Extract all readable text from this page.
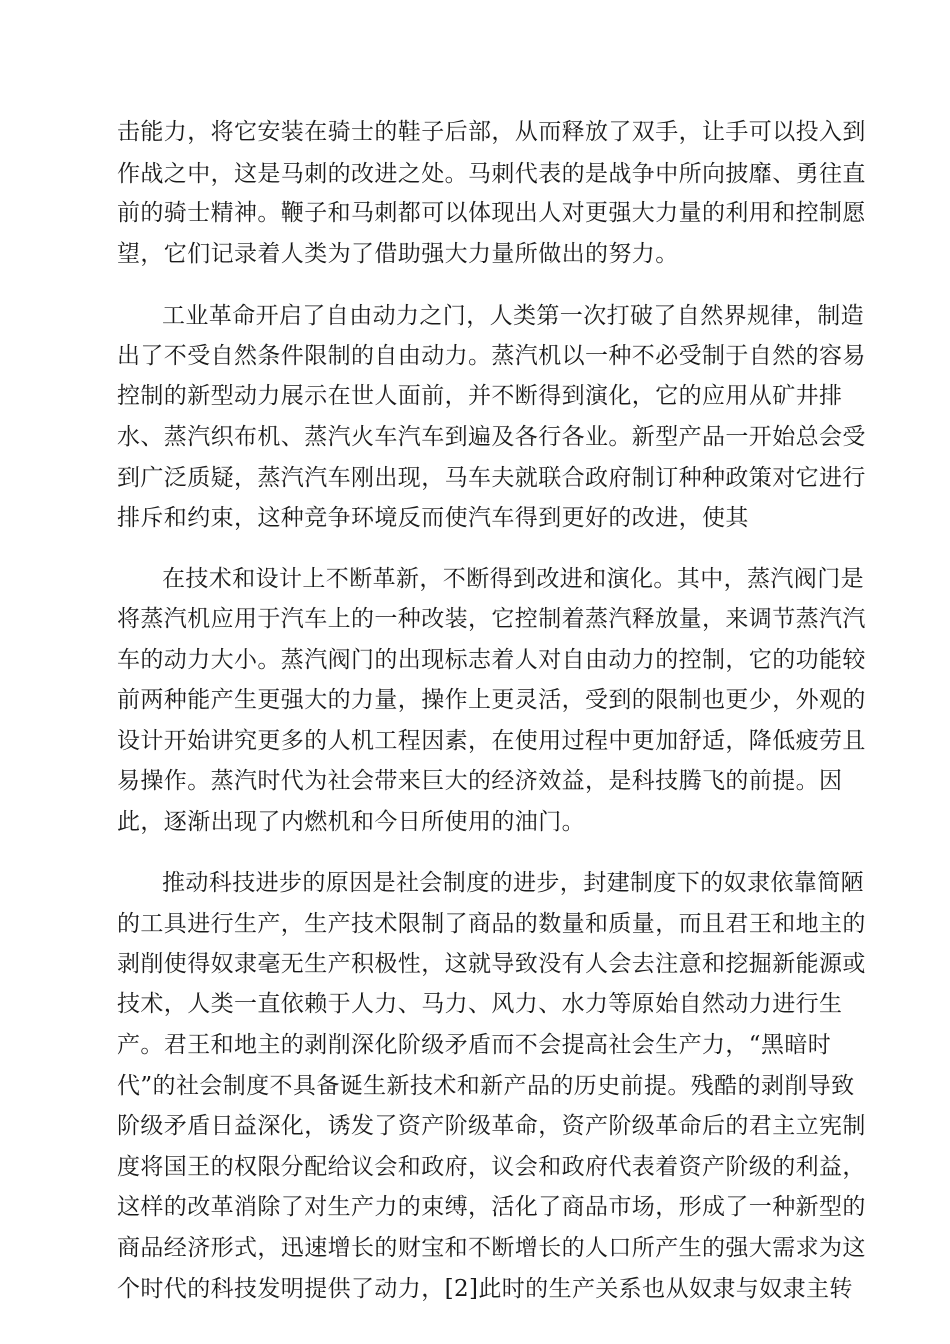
击能力，将它安装在骑士的鞋子后部，从而释放了双手，让手可以投入到
作战之中，这是马刺的改进之处。马刺代表的是战争中所向披靡、勇往直
前的骑士精神。鞭子和马刺都可以体现出人对更强大力量的利用和控制愿
望，它们记录着人类为了借助强大力量所做出的努力。
工业革命开启了自由动力之门，人类第一次打破了自然界规律，制造
出了不受自然条件限制的自由动力。蒸汽机以一种不必受制于自然的容易
控制的新型动力展示在世人面前，并不断得到演化，它的应用从矿井排
水、蒸汽织布机、蒸汽火车汽车到遍及各行各业。新型产品一开始总会受
到广泛质疑，蒸汽汽车刚出现，马车夫就联合政府制订种种政策对它进行
排斥和约束，这种竞争环境反而使汽车得到更好的改进，使其
在技术和设计上不断革新，不断得到改进和演化。其中，蒸汽阀门是
将蒸汽机应用于汽车上的一种改装，它控制着蒸汽释放量，来调节蒸汽汽
车的动力大小。蒸汽阀门的出现标志着人对自由动力的控制，它的功能较
前两种能产生更强大的力量，操作上更灵活，受到的限制也更少，外观的
设计开始讲究更多的人机工程因素，在使用过程中更加舒适，降低疲劳且
易操作。蒸汽时代为社会带来巨大的经济效益，是科技腾飞的前提。因
此，逐渐出现了内燃机和今日所使用的油门。
推动科技进步的原因是社会制度的进步，封建制度下的奴隶依靠简陋
的工具进行生产，生产技术限制了商品的数量和质量，而且君王和地主的
剥削使得奴隶毫无生产积极性，这就导致没有人会去注意和挖掘新能源或
技术，人类一直依赖于人力、马力、风力、水力等原始自然动力进行生
产。君王和地主的剥削深化阶级矛盾而不会提高社会生产力，“黑暗时
代”的社会制度不具备诞生新技术和新产品的历史前提。残酷的剥削导致
阶级矛盾日益深化，诱发了资产阶级革命，资产阶级革命后的君主立宪制
度将国王的权限分配给议会和政府，议会和政府代表着资产阶级的利益，
这样的改革消除了对生产力的束缚，活化了商品市场，形成了一种新型的
商品经济形式，迅速增长的财宝和不断增长的人口所产生的强大需求为这
个时代的科技发明提供了动力，[2]此时的生产关系也从奴隶与奴隶主转
